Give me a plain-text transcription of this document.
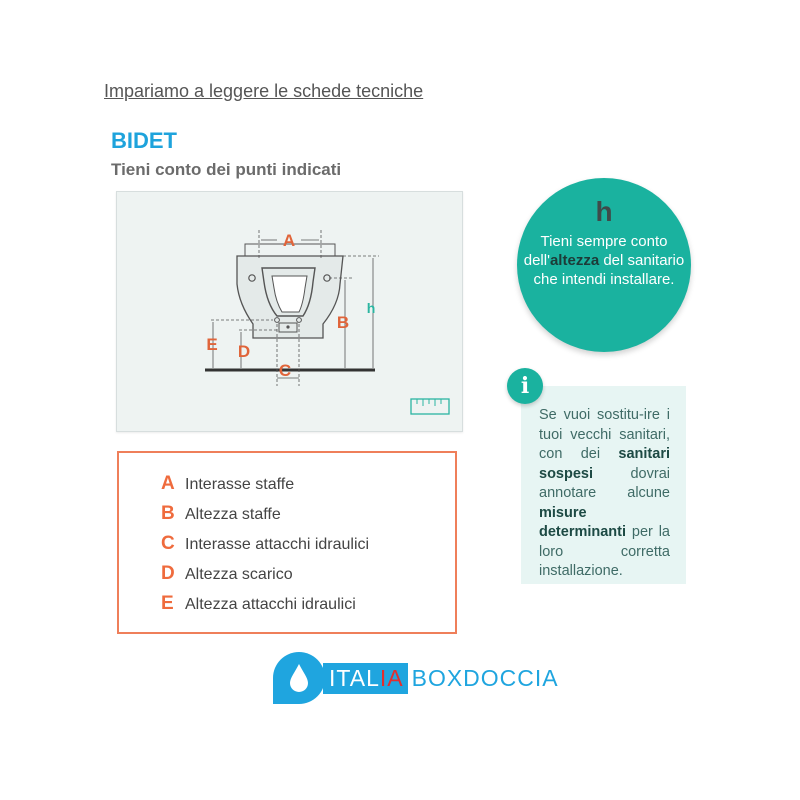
Impariamo a leggere le schede tecniche
BIDET
Tieni conto dei punti indicati
A
B
C
D
E
h
A Interasse staffe
B Altezza staffe
C Interasse attacchi idraulici
D Altezza scarico
E Altezza attacchi idraulici
h
Tieni sempre conto dell'altezza del sanitario che intendi installare.
Se vuoi sostitu-ire i tuoi vecchi sanitari, con dei sanitari sospesi dovrai annotare alcune misure determinanti per la loro corretta installazione.
i
ITALIA BOXDOCCIA
